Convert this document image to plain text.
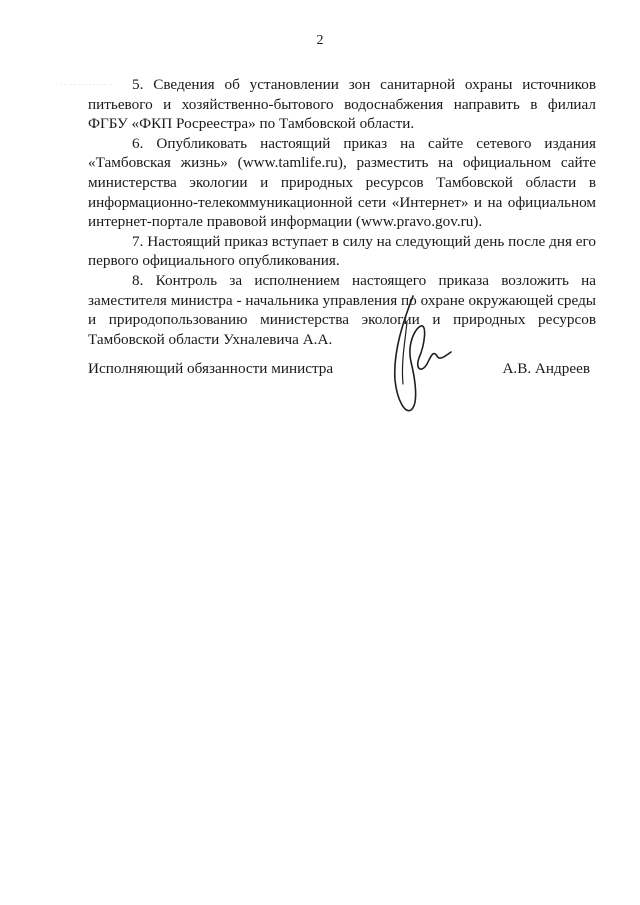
2
·· ·········· ·	5. Сведения об установлении зон санитарной охраны источников питьевого и хозяйственно-бытового водоснабжения направить в филиал ФГБУ «ФКП Росреестра» по Тамбовской области.

6. Опубликовать настоящий приказ на сайте сетевого издания «Тамбовская жизнь» (www.tamlife.ru), разместить на официальном сайте министерства экологии и природных ресурсов Тамбовской области в информационно-телекоммуникационной сети «Интернет» и на официальном интернет-портале правовой информации (www.pravo.gov.ru).

7. Настоящий приказ вступает в силу на следующий день после дня его первого официального опубликования.

8. Контроль за исполнением настоящего приказа возложить на заместителя министра - начальника управления по охране окружающей среды и природопользованию министерства экологии и природных ресурсов Тамбовской области Ухналевича А.А.

Исполняющий обязанности министра	А.В. Андреев
